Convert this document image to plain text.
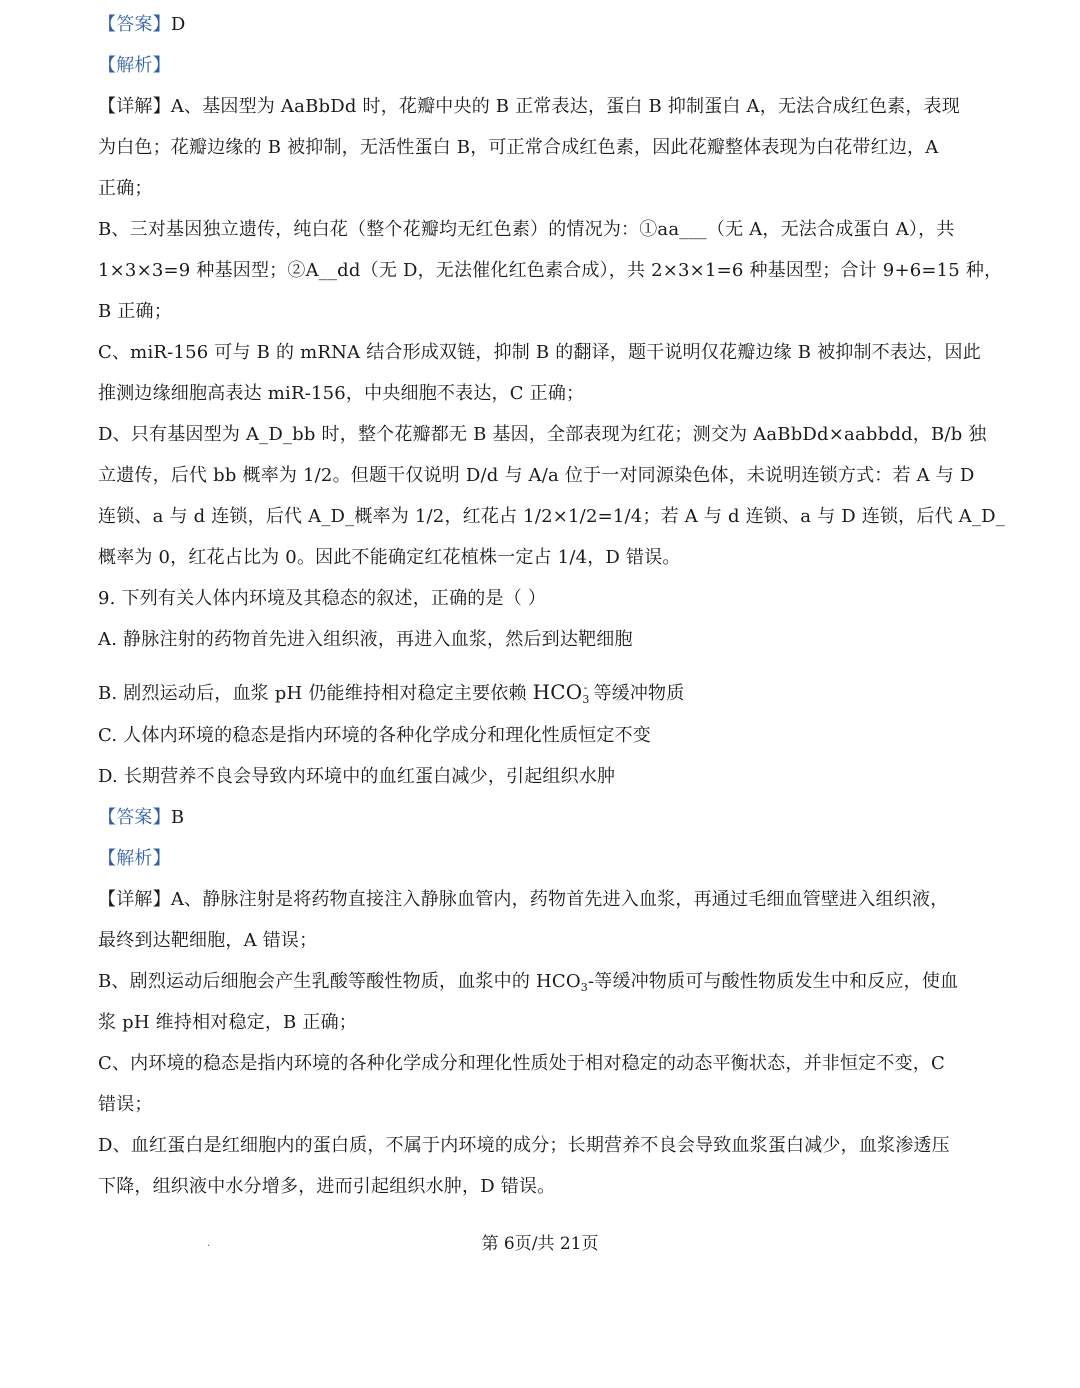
【答案】D
【解析】
【详解】A、基因型为 AaBbDd 时，花瓣中央的 B 正常表达，蛋白 B 抑制蛋白 A，无法合成红色素，表现
为白色；花瓣边缘的 B 被抑制，无活性蛋白 B，可正常合成红色素，因此花瓣整体表现为白花带红边，A
正确；
B、三对基因独立遗传，纯白花（整个花瓣均无红色素）的情况为：①aa___（无 A，无法合成蛋白 A），共
1×3×3=9 种基因型；②A__dd（无 D，无法催化红色素合成），共 2×3×1=6 种基因型；合计 9+6=15 种，
B 正确；
C、miR-156 可与 B 的 mRNA 结合形成双链，抑制 B 的翻译，题干说明仅花瓣边缘 B 被抑制不表达，因此
推测边缘细胞高表达 miR-156，中央细胞不表达，C 正确；
D、只有基因型为 A_D_bb 时，整个花瓣都无 B 基因，全部表现为红花；测交为 AaBbDd×aabbdd，B/b 独
立遗传，后代 bb 概率为 1/2。但题干仅说明 D/d 与 A/a 位于一对同源染色体，未说明连锁方式：若 A 与 D
连锁、a 与 d 连锁，后代 A_D_概率为 1/2，红花占 1/2×1/2=1/4；若 A 与 d 连锁、a 与 D 连锁，后代 A_D_
概率为 0，红花占比为 0。因此不能确定红花植株一定占 1/4，D 错误。
9. 下列有关人体内环境及其稳态的叙述，正确的是（ ）
A. 静脉注射的药物首先进入组织液，再进入血浆，然后到达靶细胞
B. 剧烈运动后，血浆 pH 仍能维持相对稳定主要依赖 $HCO_3^-$ 等缓冲物质
C. 人体内环境的稳态是指内环境的各种化学成分和理化性质恒定不变
D. 长期营养不良会导致内环境中的血红蛋白减少，引起组织水肿
【答案】B
【解析】
【详解】A、静脉注射是将药物直接注入静脉血管内，药物首先进入血浆，再通过毛细血管壁进入组织液，
最终到达靶细胞，A 错误；
B、剧烈运动后细胞会产生乳酸等酸性物质，血浆中的 $HCO_3-$等缓冲物质可与酸性物质发生中和反应，使血
浆 pH 维持相对稳定，B 正确；
C、内环境的稳态是指内环境的各种化学成分和理化性质处于相对稳定的动态平衡状态，并非恒定不变，C
错误；
D、血红蛋白是红细胞内的蛋白质，不属于内环境的成分；长期营养不良会导致血浆蛋白减少，血浆渗透压
下降，组织液中水分增多，进而引起组织水肿，D 错误。
.	第 6页/共 21页
